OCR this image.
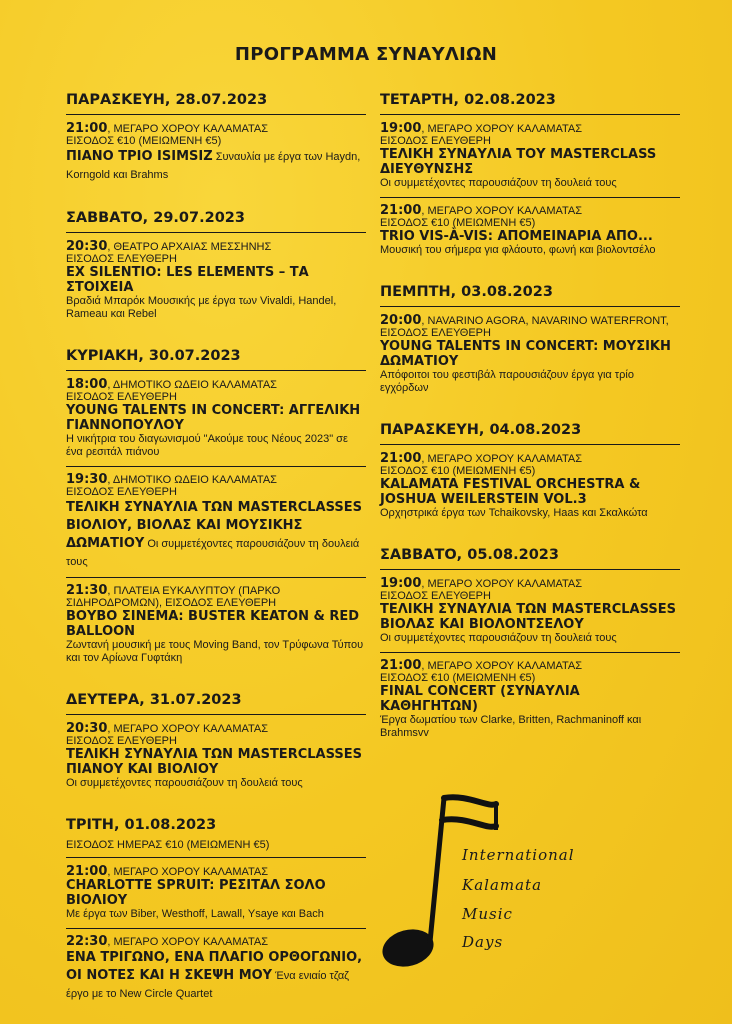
ΠΡΟΓΡΑΜΜΑ ΣΥΝΑΥΛΙΩΝ
ΠΑΡΑΣΚΕΥΗ, 28.07.2023
21:00, ΜΕΓΑΡΟ ΧΟΡΟΥ ΚΑΛΑΜΑΤΑΣ
ΕΙΣΟΔΟΣ €10 (ΜΕΙΩΜΕΝΗ €5)
ΠΙΑΝΟ ΤΡΙΟ ISIMSIZ Συναυλία με έργα των Haydn, Korngold και Brahms
ΣΑΒΒΑΤΟ, 29.07.2023
20:30, ΘΕΑΤΡΟ ΑΡΧΑΙΑΣ ΜΕΣΣΗΝΗΣ
ΕΙΣΟΔΟΣ ΕΛΕΥΘΕΡΗ
EX SILENTIO: LES ELEMENTS – ΤΑ ΣΤΟΙΧΕΙΑ
Βραδιά Μπαρόκ Μουσικής με έργα των Vivaldi, Handel, Rameau και Rebel
ΚΥΡΙΑΚΗ, 30.07.2023
18:00, ΔΗΜΟΤΙΚΟ ΩΔΕΙΟ ΚΑΛΑΜΑΤΑΣ
ΕΙΣΟΔΟΣ ΕΛΕΥΘΕΡΗ
YOUNG TALENTS IN CONCERT: ΑΓΓΕΛΙΚΗ ΓΙΑΝΝΟΠΟΥΛΟΥ
Η νικήτρια του διαγωνισμού "Ακούμε τους Νέους 2023" σε ένα ρεσιτάλ πιάνου
19:30, ΔΗΜΟΤΙΚΟ ΩΔΕΙΟ ΚΑΛΑΜΑΤΑΣ
ΕΙΣΟΔΟΣ ΕΛΕΥΘΕΡΗ
ΤΕΛΙΚΗ ΣΥΝΑΥΛΙΑ ΤΩΝ MASTERCLASSES ΒΙΟΛΙΟΥ, ΒΙΟΛΑΣ ΚΑΙ ΜΟΥΣΙΚΗΣ ΔΩΜΑΤΙΟΥ Οι συμμετέχοντες παρουσιάζουν τη δουλειά τους
21:30, ΠΛΑΤΕΙΑ ΕΥΚΑΛΥΠΤΟΥ (ΠΑΡΚΟ ΣΙΔΗΡΟΔΡΟΜΩΝ), ΕΙΣΟΔΟΣ ΕΛΕΥΘΕΡΗ
ΒΟΥΒΟ ΣΙΝΕΜΑ: BUSTER KEATON & RED BALLOON
Ζωντανή μουσική με τους Moving Band, τον Τρύφωνα Τύπου και τον Αρίωνα Γυφτάκη
ΔΕΥΤΕΡΑ, 31.07.2023
20:30, ΜΕΓΑΡΟ ΧΟΡΟΥ ΚΑΛΑΜΑΤΑΣ
ΕΙΣΟΔΟΣ ΕΛΕΥΘΕΡΗ
ΤΕΛΙΚΗ ΣΥΝΑΥΛΙΑ ΤΩΝ MASTERCLASSES ΠΙΑΝΟΥ ΚΑΙ ΒΙΟΛΙΟΥ
Οι συμμετέχοντες παρουσιάζουν τη δουλειά τους
ΤΡΙΤΗ, 01.08.2023
ΕΙΣΟΔΟΣ ΗΜΕΡΑΣ €10 (ΜΕΙΩΜΕΝΗ €5)
21:00, ΜΕΓΑΡΟ ΧΟΡΟΥ ΚΑΛΑΜΑΤΑΣ
CHARLOTTE SPRUIT: ΡΕΣΙΤΑΛ ΣΟΛΟ ΒΙΟΛΙΟΥ
Με έργα των Biber, Westhoff, Lawall, Ysaye και Bach
22:30, ΜΕΓΑΡΟ ΧΟΡΟΥ ΚΑΛΑΜΑΤΑΣ
ΕΝΑ ΤΡΙΓΩΝΟ, ΕΝΑ ΠΛΑΓΙΟ ΟΡΘΟΓΩΝΙΟ, ΟΙ ΝΟΤΕΣ ΚΑΙ Η ΣΚΕΨΗ ΜΟΥ Ένα ενιαίο τζαζ έργο με το New Circle Quartet
ΤΕΤΑΡΤΗ, 02.08.2023
19:00, ΜΕΓΑΡΟ ΧΟΡΟΥ ΚΑΛΑΜΑΤΑΣ
ΕΙΣΟΔΟΣ ΕΛΕΥΘΕΡΗ
ΤΕΛΙΚΗ ΣΥΝΑΥΛΙΑ ΤΟΥ MASTERCLASS ΔΙΕΥΘΥΝΣΗΣ
Οι συμμετέχοντες παρουσιάζουν τη δουλειά τους
21:00, ΜΕΓΑΡΟ ΧΟΡΟΥ ΚΑΛΑΜΑΤΑΣ
ΕΙΣΟΔΟΣ €10 (ΜΕΙΩΜΕΝΗ €5)
TRIO VIS-À-VIS: ΑΠΟΜΕΙΝΑΡΙΑ ΑΠΟ...
Μουσική του σήμερα για φλάουτο, φωνή και βιολοντσέλο
ΠΕΜΠΤΗ, 03.08.2023
20:00, NAVARINO AGORA, NAVARINO WATERFRONT, ΕΙΣΟΔΟΣ ΕΛΕΥΘΕΡΗ
YOUNG TALENTS IN CONCERT: ΜΟΥΣΙΚΗ ΔΩΜΑΤΙΟΥ
Απόφοιτοι του φεστιβάλ παρουσιάζουν έργα για τρίο εγχόρδων
ΠΑΡΑΣΚΕΥΗ, 04.08.2023
21:00, ΜΕΓΑΡΟ ΧΟΡΟΥ ΚΑΛΑΜΑΤΑΣ
ΕΙΣΟΔΟΣ €10 (ΜΕΙΩΜΕΝΗ €5)
KALAMATA FESTIVAL ORCHESTRA & JOSHUA WEILERSTEIN VOL.3
Ορχηστρικά έργα των Tchaikovsky, Haas και Σκαλκώτα
ΣΑΒΒΑΤΟ, 05.08.2023
19:00, ΜΕΓΑΡΟ ΧΟΡΟΥ ΚΑΛΑΜΑΤΑΣ
ΕΙΣΟΔΟΣ ΕΛΕΥΘΕΡΗ
ΤΕΛΙΚΗ ΣΥΝΑΥΛΙΑ ΤΩΝ MASTERCLASSES ΒΙΟΛΑΣ ΚΑΙ ΒΙΟΛΟΝΤΣΕΛΟΥ
Οι συμμετέχοντες παρουσιάζουν τη δουλειά τους
21:00, ΜΕΓΑΡΟ ΧΟΡΟΥ ΚΑΛΑΜΑΤΑΣ
ΕΙΣΟΔΟΣ €10 (ΜΕΙΩΜΕΝΗ €5)
FINAL CONCERT (ΣΥΝΑΥΛΙΑ ΚΑΘΗΓΗΤΩΝ)
Έργα δωματίου των Clarke, Britten, Rachmaninoff και Brahmsvv
International
Kalamata
Music
Days
